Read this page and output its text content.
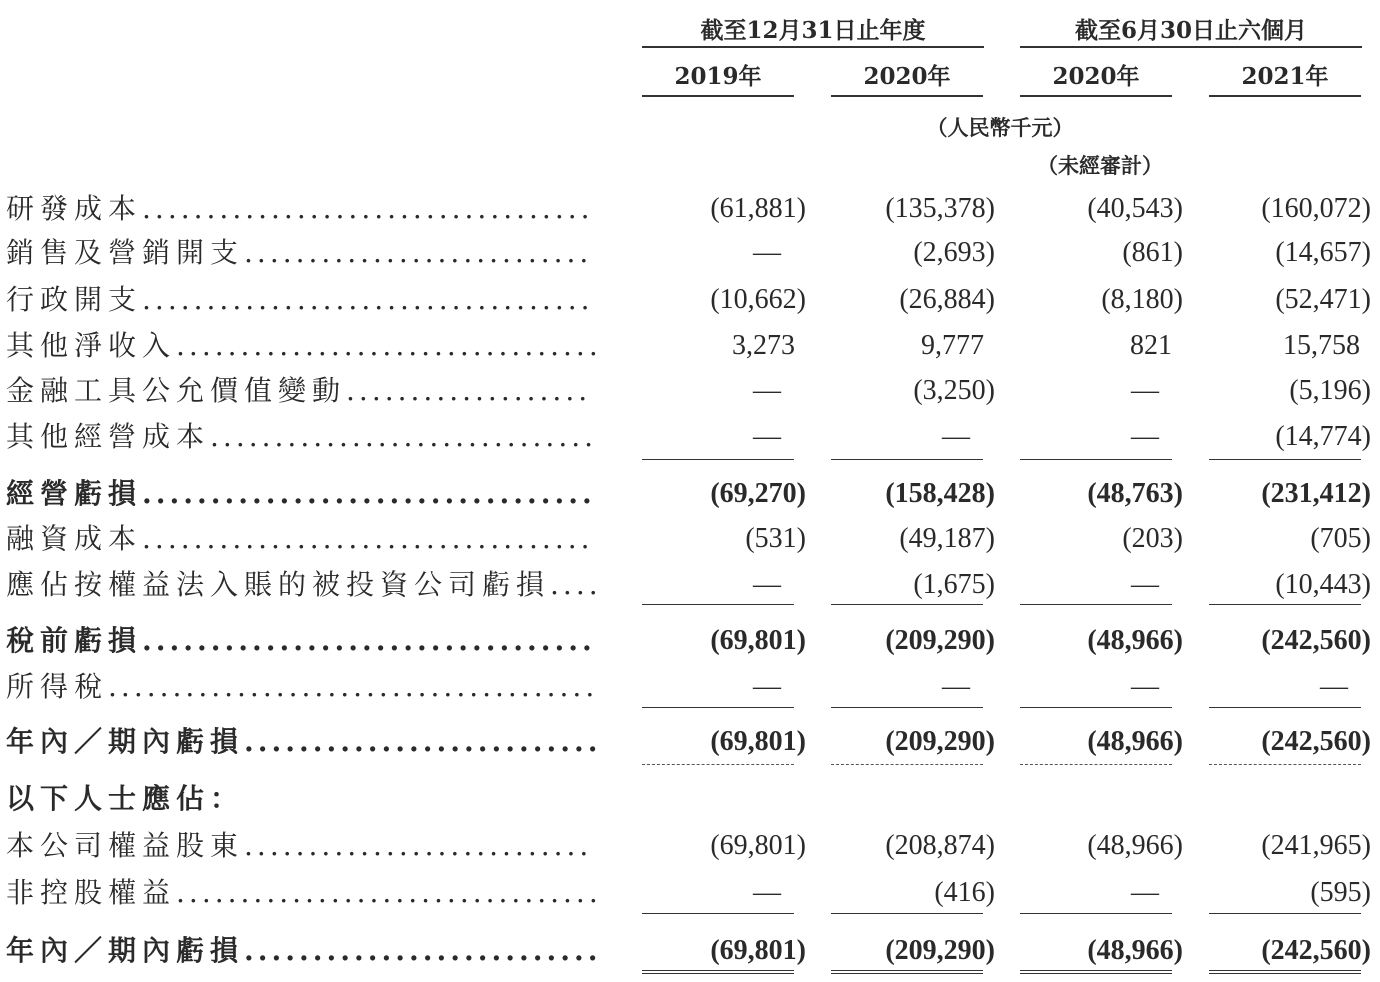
截至12月31日止年度	截至6月30日止六個月
2019年	2020年	2020年	2021年
（人民幣千元）
（未經審計）
研發成本...................................	(61,881)	(135,378)	(40,543)	(160,072)
銷售及營銷開支...........................	—	(2,693)	(861)	(14,657)
行政開支...................................	(10,662)	(26,884)	(8,180)	(52,471)
其他淨收入.................................	3,273	9,777	821	15,758
金融工具公允價值變動...................	—	(3,250)	—	(5,196)
其他經營成本..............................	—	—	—	(14,774)
經營虧損.................................	(69,270)	(158,428)	(48,763)	(231,412)
融資成本...................................	(531)	(49,187)	(203)	(705)
應佔按權益法入賬的被投資公司虧損....	—	(1,675)	—	(10,443)
稅前虧損.................................	(69,801)	(209,290)	(48,966)	(242,560)
所得稅......................................	—	—	—	—
年內／期內虧損..........................	(69,801)	(209,290)	(48,966)	(242,560)
以下人士應佔：
本公司權益股東...........................	(69,801)	(208,874)	(48,966)	(241,965)
非控股權益.................................	—	(416)	—	(595)
年內／期內虧損..........................	(69,801)	(209,290)	(48,966)	(242,560)
